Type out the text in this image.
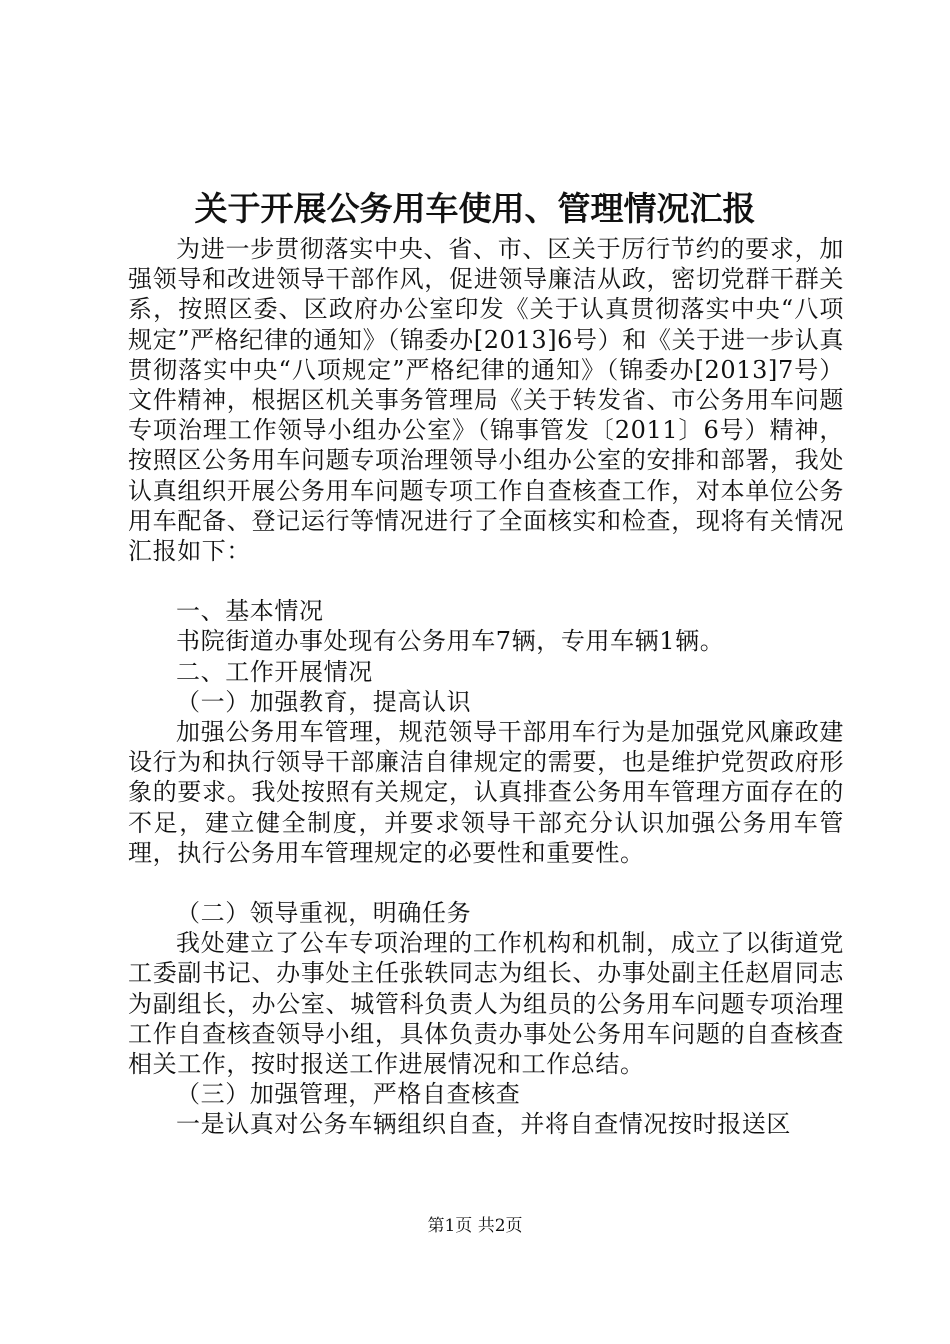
关于开展公务用车使用、管理情况汇报

为进一步贯彻落实中央、省、市、区关于厉行节约的要求，加强领导和改进领导干部作风，促进领导廉洁从政，密切党群干群关系，按照区委、区政府办公室印发《关于认真贯彻落实中央“八项规定”严格纪律的通知》（锦委办[2013]6号）和《关于进一步认真贯彻落实中央“八项规定”严格纪律的通知》（锦委办[2013]7号）文件精神，根据区机关事务管理局《关于转发省、市公务用车问题专项治理工作领导小组办公室》（锦事管发〔2011〕6号）精神，按照区公务用车问题专项治理领导小组办公室的安排和部署，我处认真组织开展公务用车问题专项工作自查核查工作，对本单位公务用车配备、登记运行等情况进行了全面核实和检查，现将有关情况汇报如下：

一、基本情况

书院街道办事处现有公务用车7辆，专用车辆1辆。

二、工作开展情况

（一）加强教育，提高认识

加强公务用车管理，规范领导干部用车行为是加强党风廉政建设行为和执行领导干部廉洁自律规定的需要，也是维护党贺政府形象的要求。我处按照有关规定，认真排查公务用车管理方面存在的不足，建立健全制度，并要求领导干部充分认识加强公务用车管理，执行公务用车管理规定的必要性和重要性。

（二）领导重视，明确任务

我处建立了公车专项治理的工作机构和机制，成立了以街道党工委副书记、办事处主任张轶同志为组长、办事处副主任赵眉同志为副组长，办公室、城管科负责人为组员的公务用车问题专项治理工作自查核查领导小组，具体负责办事处公务用车问题的自查核查相关工作，按时报送工作进展情况和工作总结。

（三）加强管理，严格自查核查

一是认真对公务车辆组织自查，并将自查情况按时报送区

第1页 共2页
